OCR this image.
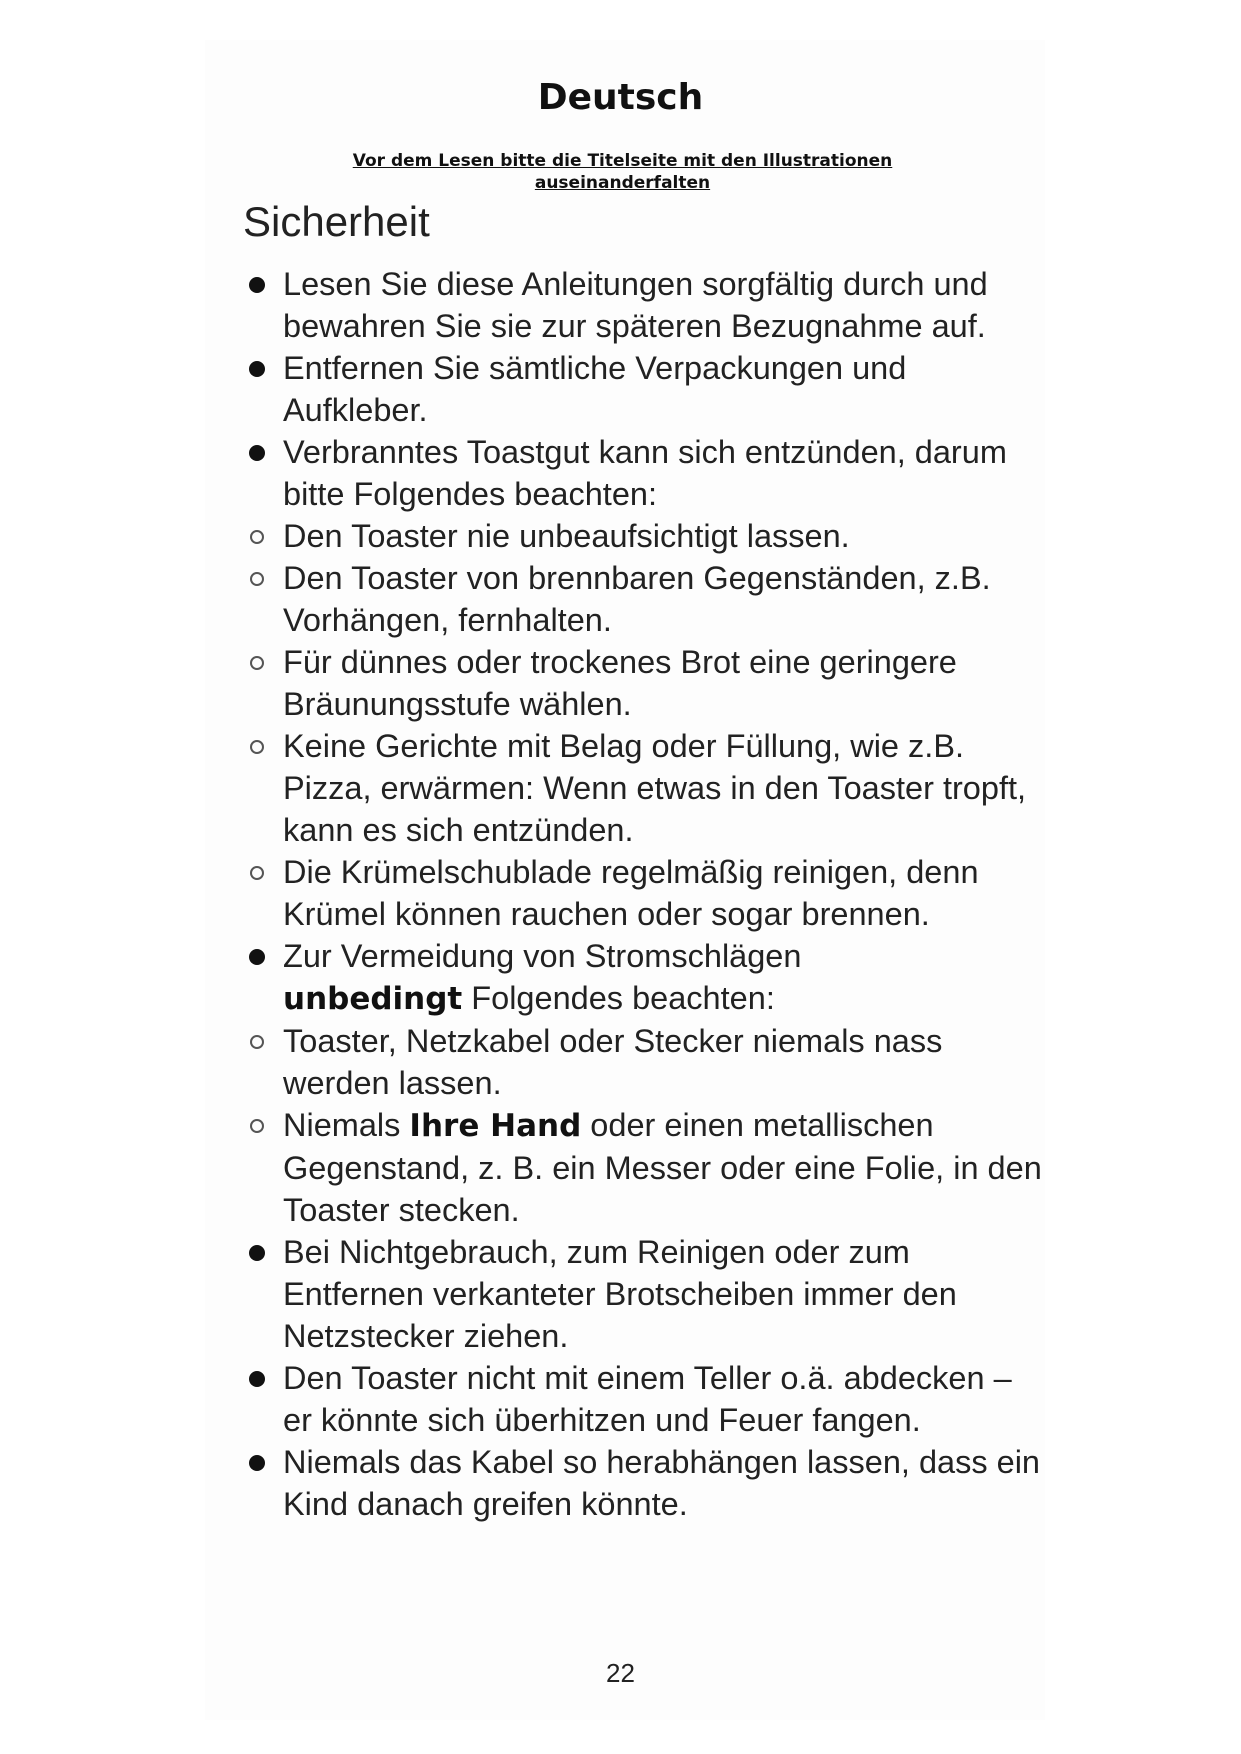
Deutsch
Vor dem Lesen bitte die Titelseite mit den Illustrationen
auseinanderfalten
Sicherheit
Lesen Sie diese Anleitungen sorgfältig durch und bewahren Sie sie zur späteren Bezugnahme auf.
Entfernen Sie sämtliche Verpackungen und Aufkleber.
Verbranntes Toastgut kann sich entzünden, darum bitte Folgendes beachten:
Den Toaster nie unbeaufsichtigt lassen.
Den Toaster von brennbaren Gegenständen, z.B. Vorhängen, fernhalten.
Für dünnes oder trockenes Brot eine geringere Bräunungsstufe wählen.
Keine Gerichte mit Belag oder Füllung, wie z.B. Pizza, erwärmen: Wenn etwas in den Toaster tropft, kann es sich entzünden.
Die Krümelschublade regelmäßig reinigen, denn Krümel können rauchen oder sogar brennen.
Zur Vermeidung von Stromschlägen
unbedingt Folgendes beachten:
Toaster, Netzkabel oder Stecker niemals nass werden lassen.
Niemals Ihre Hand oder einen metallischen Gegenstand, z. B. ein Messer oder eine Folie, in den Toaster stecken.
Bei Nichtgebrauch, zum Reinigen oder zum Entfernen verkanteter Brotscheiben immer den Netzstecker ziehen.
Den Toaster nicht mit einem Teller o.ä. abdecken – er könnte sich überhitzen und Feuer fangen.
Niemals das Kabel so herabhängen lassen, dass ein Kind danach greifen könnte.
22
